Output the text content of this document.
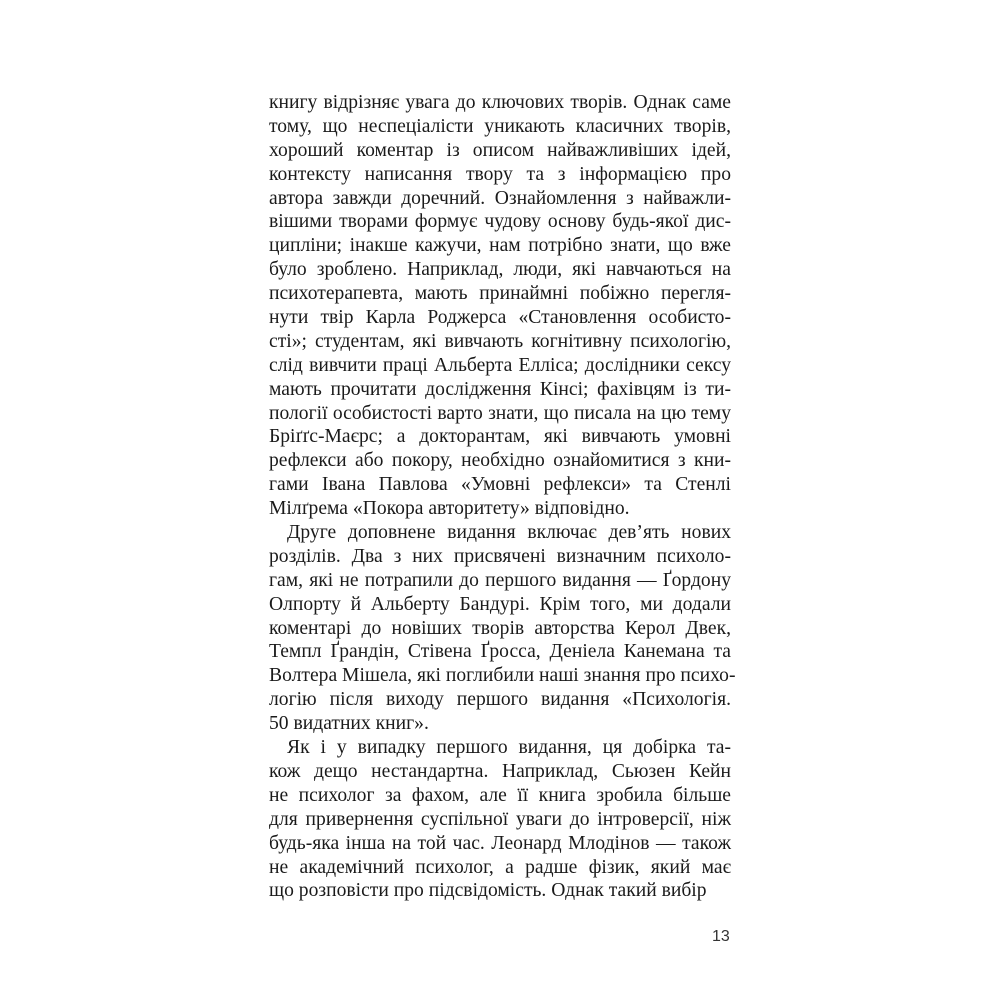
книгу відрізняє увага до ключових творів. Однак саме
тому, що неспеціалісти уникають класичних творів,
хороший коментар із описом найважливіших ідей,
контексту написання твору та з інформацією про
автора завжди доречний. Ознайомлення з найважли-
вішими творами формує чудову основу будь-якої дис-
ципліни; інакше кажучи, нам потрібно знати, що вже
було зроблено. Наприклад, люди, які навчаються на
психотерапевта, мають принаймні побіжно перегля-
нути твір Карла Роджерса «Становлення особисто-
сті»; студентам, які вивчають когнітивну психологію,
слід вивчити праці Альберта Елліса; дослідники сексу
мають прочитати дослідження Кінсі; фахівцям із ти-
пології особистості варто знати, що писала на цю тему
Бріґґс-Маєрс; а докторантам, які вивчають умовні
рефлекси або покору, необхідно ознайомитися з кни-
гами Івана Павлова «Умовні рефлекси» та Стенлі
Мілґрема «Покора авторитету» відповідно.
Друге доповнене видання включає дев’ять нових
розділів. Два з них присвячені визначним психоло-
гам, які не потрапили до першого видання — Ґордону
Олпорту й Альберту Бандурі. Крім того, ми додали
коментарі до новіших творів авторства Керол Двек,
Темпл Ґрандін, Стівена Ґросса, Деніела Канемана та
Волтера Мішела, які поглибили наші знання про психо-
логію після виходу першого видання «Психологія.
50 видатних книг».
Як і у випадку першого видання, ця добірка та-
кож дещо нестандартна. Наприклад, Сьюзен Кейн
не психолог за фахом, але її книга зробила більше
для привернення суспільної уваги до інтроверсії, ніж
будь-яка інша на той час. Леонард Млодінов — також
не академічний психолог, а радше фізик, який має
що розповісти про підсвідомість. Однак такий вибір
13
